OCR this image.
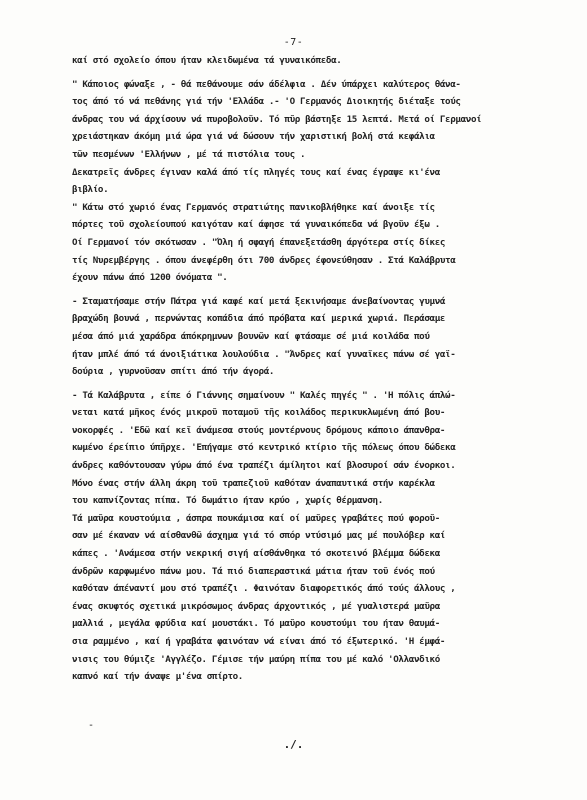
-7-
καί στό σχολείο όπου ήταν κλειδωμένα τά γυναικόπεδα.
" Κάποιος φώναξε , - θά πεθάνουμε σάν άδέλφια . Δέν ύπάρχει καλύτερος θάνα-
τος άπό τό νά πεθάνης γιά τήν 'Ελλάδα .- 'Ο Γερμανός Διοικητής διέταξε τούς
άνδρας του νά άρχίσουν νά πυροβολοῦν. Τό πῦρ βάστηξε 15 λεπτά. Μετά οί Γερμανοί
χρειάστηκαν άκόμη μιά ώρα γιά νά δώσουν τήν χαριστική βολή στά κεφάλια
τῶν πεσμένων 'Ελλήνων , μέ τά πιστόλια τους .
Δεκατρεῖς άνδρες έγιναν καλά άπό τίς πληγές τους καί ένας έγραψε κι'ένα
βιβλίο.
" Κάτω στό χωριό ένας Γερμανός στρατιώτης πανικοβλήθηκε καί άνοιξε τίς
πόρτες τοῦ σχολείουπού καιγόταν καί άφησε τά γυναικόπεδα νά βγοῦν έξω .
Οί Γερμανοί τόν σκότωσαν . "Όλη ή σφαγή έπανεξετάσθη άργότερα στίς δίκες
τίς Νυρεμβέργης . όπου άνεφέρθη ότι 700 άνδρες έφονεύθησαν . Στά Καλάβρυτα
έχουν πάνω άπό 1200 όνόματα ".
- Σταματήσαμε στήν Πάτρα γιά καφέ καί μετά ξεκινήσαμε άνεβαίνοντας γυμνά
βραχώδη βουνά , περνώντας κοπάδια άπό πρόβατα καί μερικά χωριά. Περάσαμε
μέσα άπό μιά χαράδρα άπόκρημνων βουνῶν καί φτάσαμε σέ μιά κοιλάδα πού
ήταν μπλέ άπό τά άνοιξιάτικα λουλούδια . "Άνδρες καί γυναῖκες πάνω σέ γαϊ-
δούρια , γυρνοῦσαν σπίτι άπό τήν άγορά.
- Τά Καλάβρυτα , είπε ό Γιάννης σημαίνουν " Καλές πηγές " . 'Η πόλις άπλώ-
νεται κατά μῆκος ένός μικροῦ ποταμοῦ τῆς κοιλάδος περικυκλωμένη άπό βου-
νοκορφές . 'Εδῶ καί κεῖ άνάμεσα στούς μοντέρνους δρόμους κάποιο άπανθρα-
κωμένο έρείπιο ύπῆρχε. 'Επήγαμε στό κεντρικό κτίριο τῆς πόλεως όπου δώδεκα
άνδρες καθόντουσαν γύρω άπό ένα τραπέζι άμίλητοι καί βλοσυροί σάν ένορκοι.
Μόνο ένας στήν άλλη άκρη τοῦ τραπεζιοῦ καθόταν άναπαυτικά στήν καρέκλα
του καπνίζοντας πίπα. Τό δωμάτιο ήταν κρύο , χωρίς θέρμανση.
Τά μαῦρα κουστούμια , άσπρα πουκάμισα καί οί μαῦρες γραβάτες πού φοροῦ-
σαν μέ έκαναν νά αίσθανθῶ άσχημα γιά τό σπόρ ντύσιμό μας μέ πουλόβερ καί
κάπες . 'Ανάμεσα στήν νεκρική σιγή αίσθάνθηκα τό σκοτεινό βλέμμα δώδεκα
άνδρῶν καρφωμένο πάνω μου. Τά πιό διαπεραστικά μάτια ήταν τοῦ ένός πού
καθόταν άπέναντί μου στό τραπέζι . Φαινόταν διαφορετικός άπό τούς άλλους ,
ένας σκυφτός σχετικά μικρόσωμος άνδρας άρχοντικός , μέ γυαλιστερά μαῦρα
μαλλιά , μεγάλα φρύδια καί μουστάκι. Τό μαῦρο κουστούμι του ήταν θαυμά-
σια ραμμένο , καί ή γραβάτα φαινόταν νά είναι άπό τό έξωτερικό. 'Η έμφά-
νισις του θύμιζε 'Αγγλέζο. Γέμισε τήν μαύρη πίπα του μέ καλό 'Ολλανδικό
καπνό καί τήν άναψε μ'ένα σπίρτο.
-
./.
